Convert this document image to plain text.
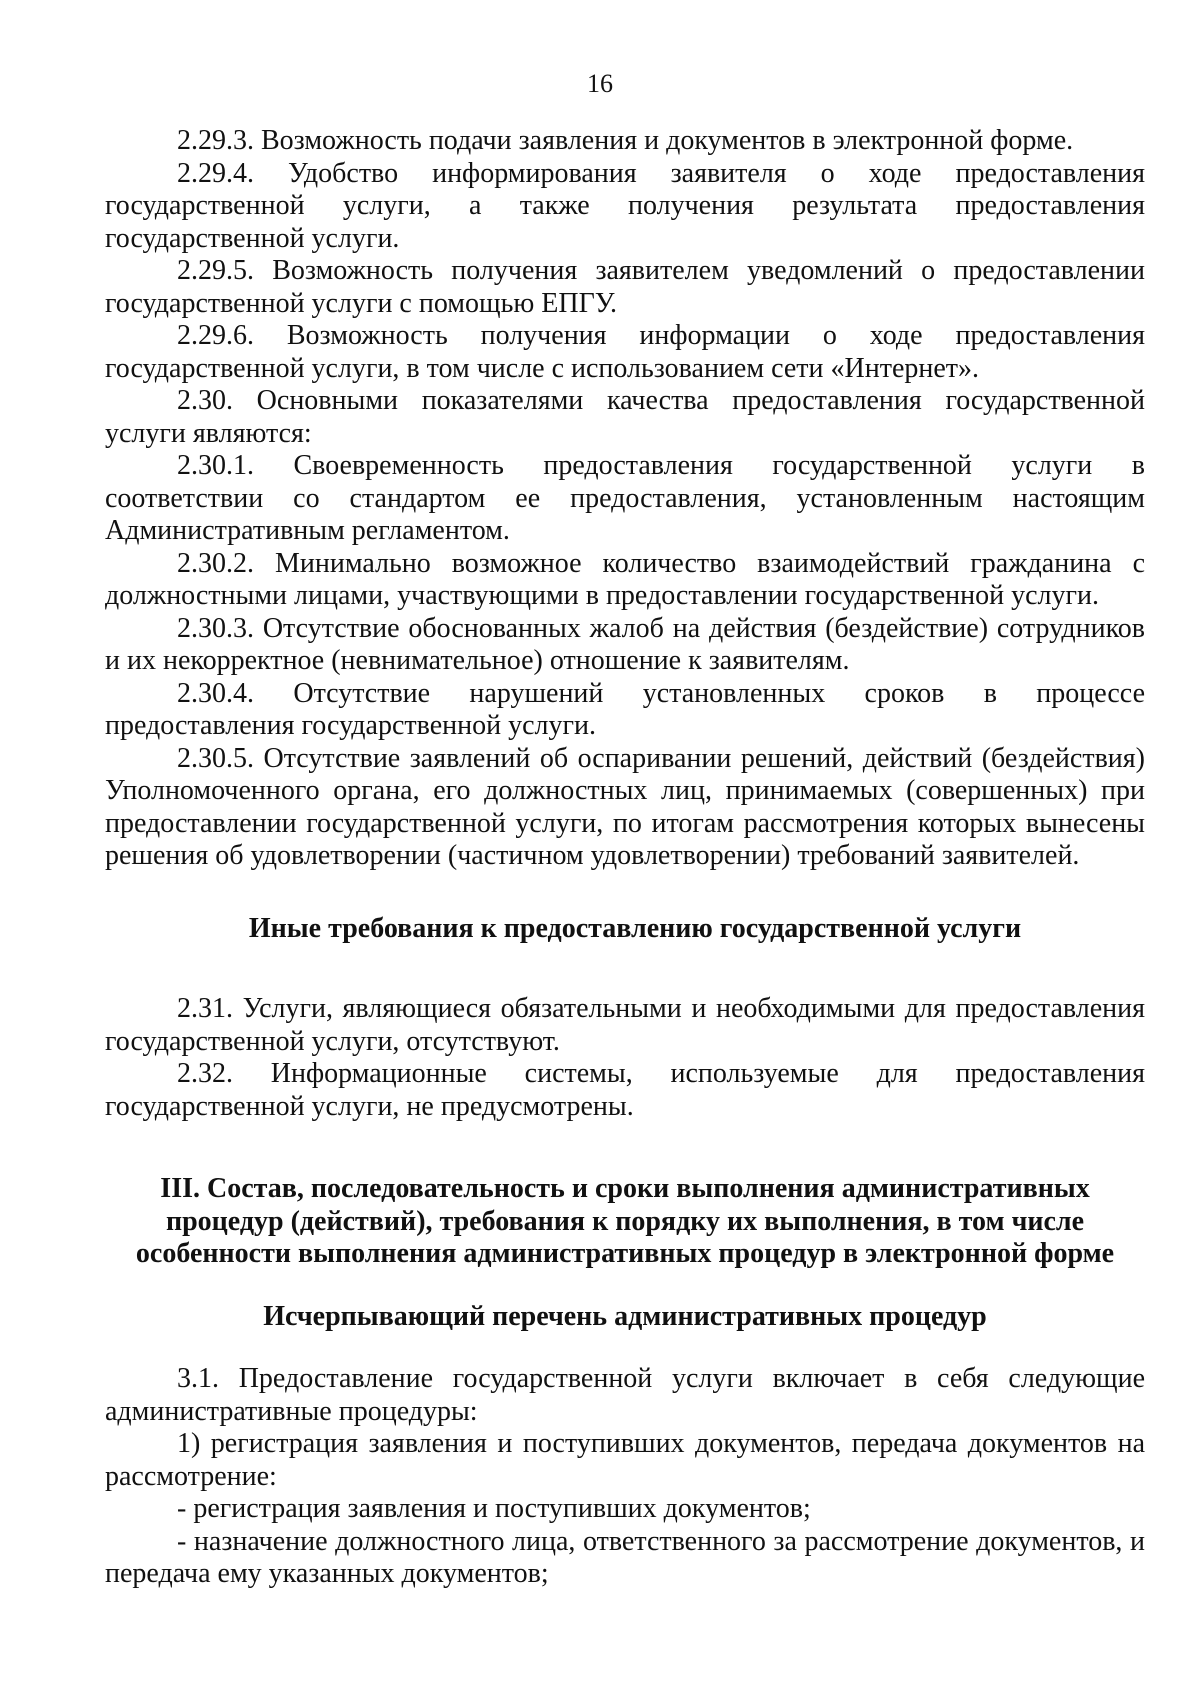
16

2.29.3. Возможность подачи заявления и документов в электронной форме.

2.29.4. Удобство информирования заявителя о ходе предоставления государственной услуги, а также получения результата предоставления государственной услуги.

2.29.5. Возможность получения заявителем уведомлений о предоставлении государственной услуги с помощью ЕПГУ.

2.29.6. Возможность получения информации о ходе предоставления государственной услуги, в том числе с использованием сети «Интернет».

2.30. Основными показателями качества предоставления государственной услуги являются:

2.30.1. Своевременность предоставления государственной услуги в соответствии со стандартом ее предоставления, установленным настоящим Административным регламентом.

2.30.2. Минимально возможное количество взаимодействий гражданина с должностными лицами, участвующими в предоставлении государственной услуги.

2.30.3. Отсутствие обоснованных жалоб на действия (бездействие) сотрудников и их некорректное (невнимательное) отношение к заявителям.

2.30.4. Отсутствие нарушений установленных сроков в процессе предоставления государственной услуги.

2.30.5. Отсутствие заявлений об оспаривании решений, действий (бездействия) Уполномоченного органа, его должностных лиц, принимаемых (совершенных) при предоставлении государственной услуги, по итогам рассмотрения которых вынесены решения об удовлетворении (частичном удовлетворении) требований заявителей.

Иные требования к предоставлению государственной услуги

2.31. Услуги, являющиеся обязательными и необходимыми для предоставления государственной услуги, отсутствуют.

2.32. Информационные системы, используемые для предоставления государственной услуги, не предусмотрены.

III. Состав, последовательность и сроки выполнения административных процедур (действий), требования к порядку их выполнения, в том числе особенности выполнения административных процедур в электронной форме

Исчерпывающий перечень административных процедур

3.1. Предоставление государственной услуги включает в себя следующие административные процедуры:

1) регистрация заявления и поступивших документов, передача документов на рассмотрение:

- регистрация заявления и поступивших документов;

- назначение должностного лица, ответственного за рассмотрение документов, и передача ему указанных документов;
